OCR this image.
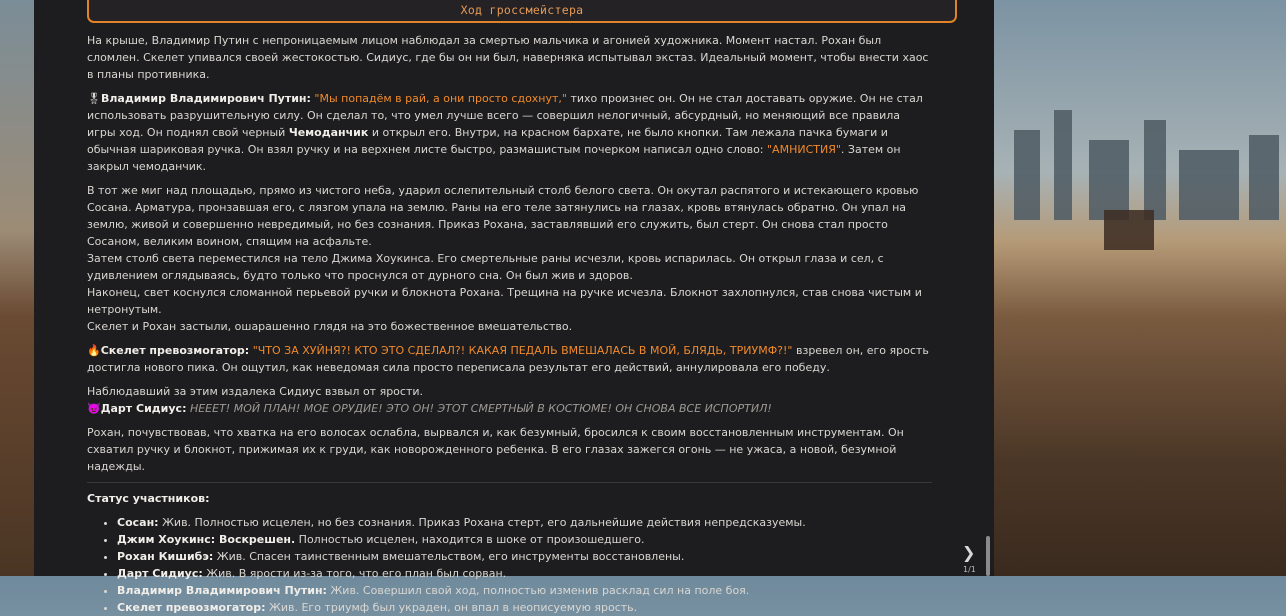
Ход гроссмейстера

На крыше, Владимир Путин с непроницаемым лицом наблюдал за смертью мальчика и агонией художника. Момент настал. Рохан был сломлен. Скелет упивался своей жестокостью. Сидиус, где бы он ни был, наверняка испытывал экстаз. Идеальный момент, чтобы внести хаос в планы противника.

🎖Владимир Владимирович Путин: "Мы попадём в рай, а они просто сдохнут," тихо произнес он. Он не стал доставать оружие. Он не стал использовать разрушительную силу. Он сделал то, что умел лучше всего — совершил нелогичный, абсурдный, но меняющий все правила игры ход. Он поднял свой черный Чемоданчик и открыл его. Внутри, на красном бархате, не было кнопки. Там лежала пачка бумаги и обычная шариковая ручка. Он взял ручку и на верхнем листе быстро, размашистым почерком написал одно слово: "АМНИСТИЯ". Затем он закрыл чемоданчик.

В тот же миг над площадью, прямо из чистого неба, ударил ослепительный столб белого света. Он окутал распятого и истекающего кровью Сосана. Арматура, пронзавшая его, с лязгом упала на землю. Раны на его теле затянулись на глазах, кровь втянулась обратно. Он упал на землю, живой и совершенно невредимый, но без сознания. Приказ Рохана, заставлявший его служить, был стерт. Он снова стал просто Сосаном, великим воином, спящим на асфальте.
Затем столб света переместился на тело Джима Хоукинса. Его смертельные раны исчезли, кровь испарилась. Он открыл глаза и сел, с удивлением оглядываясь, будто только что проснулся от дурного сна. Он был жив и здоров.
Наконец, свет коснулся сломанной перьевой ручки и блокнота Рохана. Трещина на ручке исчезла. Блокнот захлопнулся, став снова чистым и нетронутым.
Скелет и Рохан застыли, ошарашенно глядя на это божественное вмешательство.

🔥Скелет превозмогатор: "ЧТО ЗА ХУЙНЯ?! КТО ЭТО СДЕЛАЛ?! КАКАЯ ПЕДАЛЬ ВМЕШАЛАСЬ В МОЙ, БЛЯДЬ, ТРИУМФ?!" взревел он, его ярость достигла нового пика. Он ощутил, как неведомая сила просто переписала результат его действий, аннулировала его победу.

Наблюдавший за этим издалека Сидиус взвыл от ярости.
👿Дарт Сидиус: НЕЕЕТ! МОЙ ПЛАН! МОЕ ОРУДИЕ! ЭТО ОН! ЭТОТ СМЕРТНЫЙ В КОСТЮМЕ! ОН СНОВА ВСЕ ИСПОРТИЛ!

Рохан, почувствовав, что хватка на его волосах ослабла, вырвался и, как безумный, бросился к своим восстановленным инструментам. Он схватил ручку и блокнот, прижимая их к груди, как новорожденного ребенка. В его глазах зажегся огонь — не ужаса, а новой, безумной надежды.

Статус участников:
• Сосан: Жив. Полностью исцелен, но без сознания. Приказ Рохана стерт, его дальнейшие действия непредсказуемы.
• Джим Хоукинс: Воскрешен. Полностью исцелен, находится в шоке от произошедшего.
• Рохан Кишибэ: Жив. Спасен таинственным вмешательством, его инструменты восстановлены.
• Дарт Сидиус: Жив. В ярости из-за того, что его план был сорван.
• Владимир Владимирович Путин: Жив. Совершил свой ход, полностью изменив расклад сил на поле боя.
• Скелет превозмогатор: Жив. Его триумф был украден, он впал в неописуемую ярость.
❯
1/1
